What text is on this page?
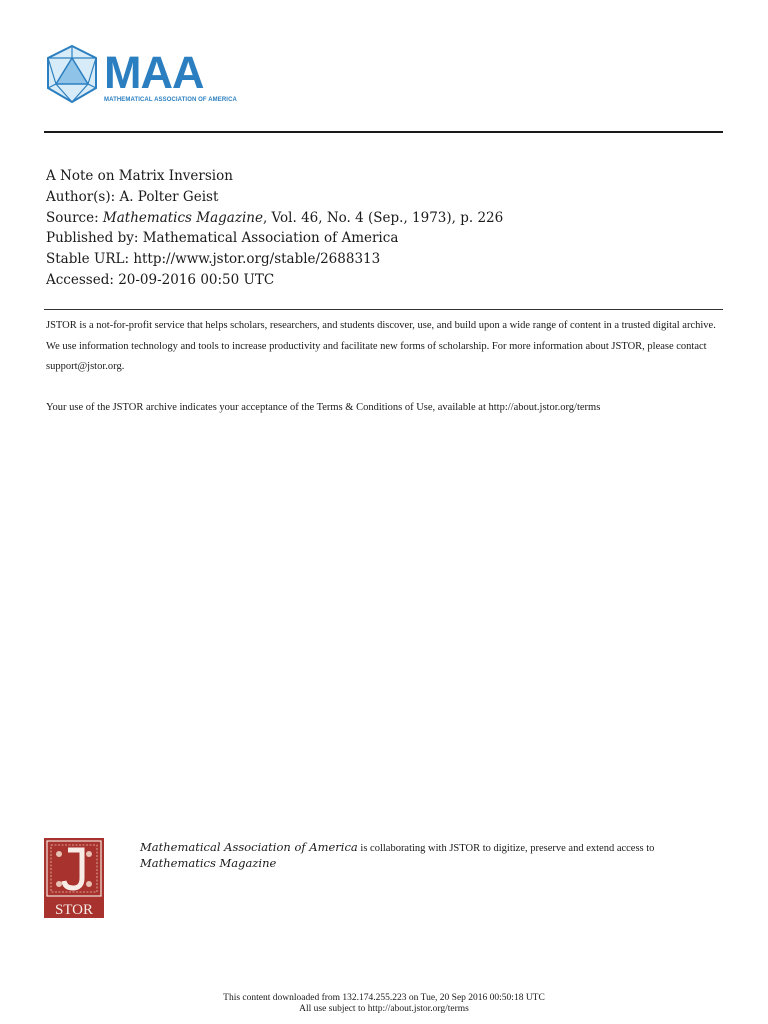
MAA
MATHEMATICAL ASSOCIATION OF AMERICA
A Note on Matrix Inversion
Author(s): A. Polter Geist
Source: Mathematics Magazine, Vol. 46, No. 4 (Sep., 1973), p. 226
Published by: Mathematical Association of America
Stable URL: http://www.jstor.org/stable/2688313
Accessed: 20-09-2016 00:50 UTC

JSTOR is a not-for-profit service that helps scholars, researchers, and students discover, use, and build upon a wide range of content in a trusted digital archive. We use information technology and tools to increase productivity and facilitate new forms of scholarship. For more information about JSTOR, please contact support@jstor.org.

Your use of the JSTOR archive indicates your acceptance of the Terms & Conditions of Use, available at http://about.jstor.org/terms

STOR
Mathematical Association of America is collaborating with JSTOR to digitize, preserve and extend access to Mathematics Magazine
This content downloaded from 132.174.255.223 on Tue, 20 Sep 2016 00:50:18 UTC
All use subject to http://about.jstor.org/terms
